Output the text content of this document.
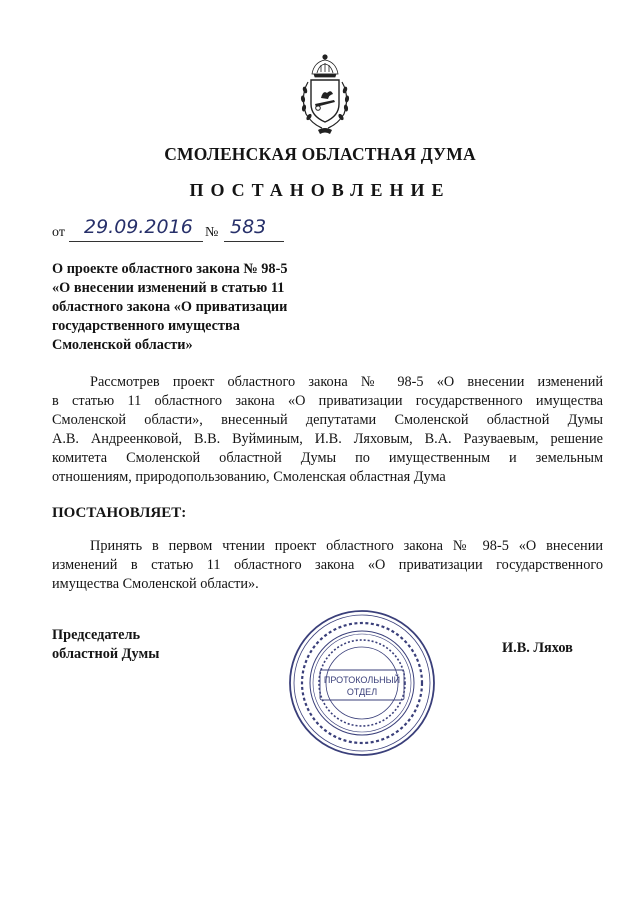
СМОЛЕНСКАЯ ОБЛАСТНАЯ ДУМА
ПОСТАНОВЛЕНИЕ
от 29.09.2016 № 583
О проекте областного закона № 98-5
«О внесении изменений в статью 11
областного закона «О приватизации
государственного имущества
Смоленской области»
Рассмотрев проект областного закона № 98-5 «О внесении изменений
в статью 11 областного закона «О приватизации государственного имущества
Смоленской области», внесенный депутатами Смоленской областной Думы
А.В. Андреенковой, В.В. Вуйминым, И.В. Ляховым, В.А. Разуваевым, решение
комитета Смоленской областной Думы по имущественным и земельным
отношениям, природопользованию, Смоленская областная Дума
ПОСТАНОВЛЯЕТ:
Принять в первом чтении проект областного закона № 98-5 «О внесении
изменений в статью 11 областного закона «О приватизации государственного
имущества Смоленской области».
Председатель
областной Думы	И.В. Ляхов
ПРОТОКОЛЬНЫЙ
ОТДЕЛ
